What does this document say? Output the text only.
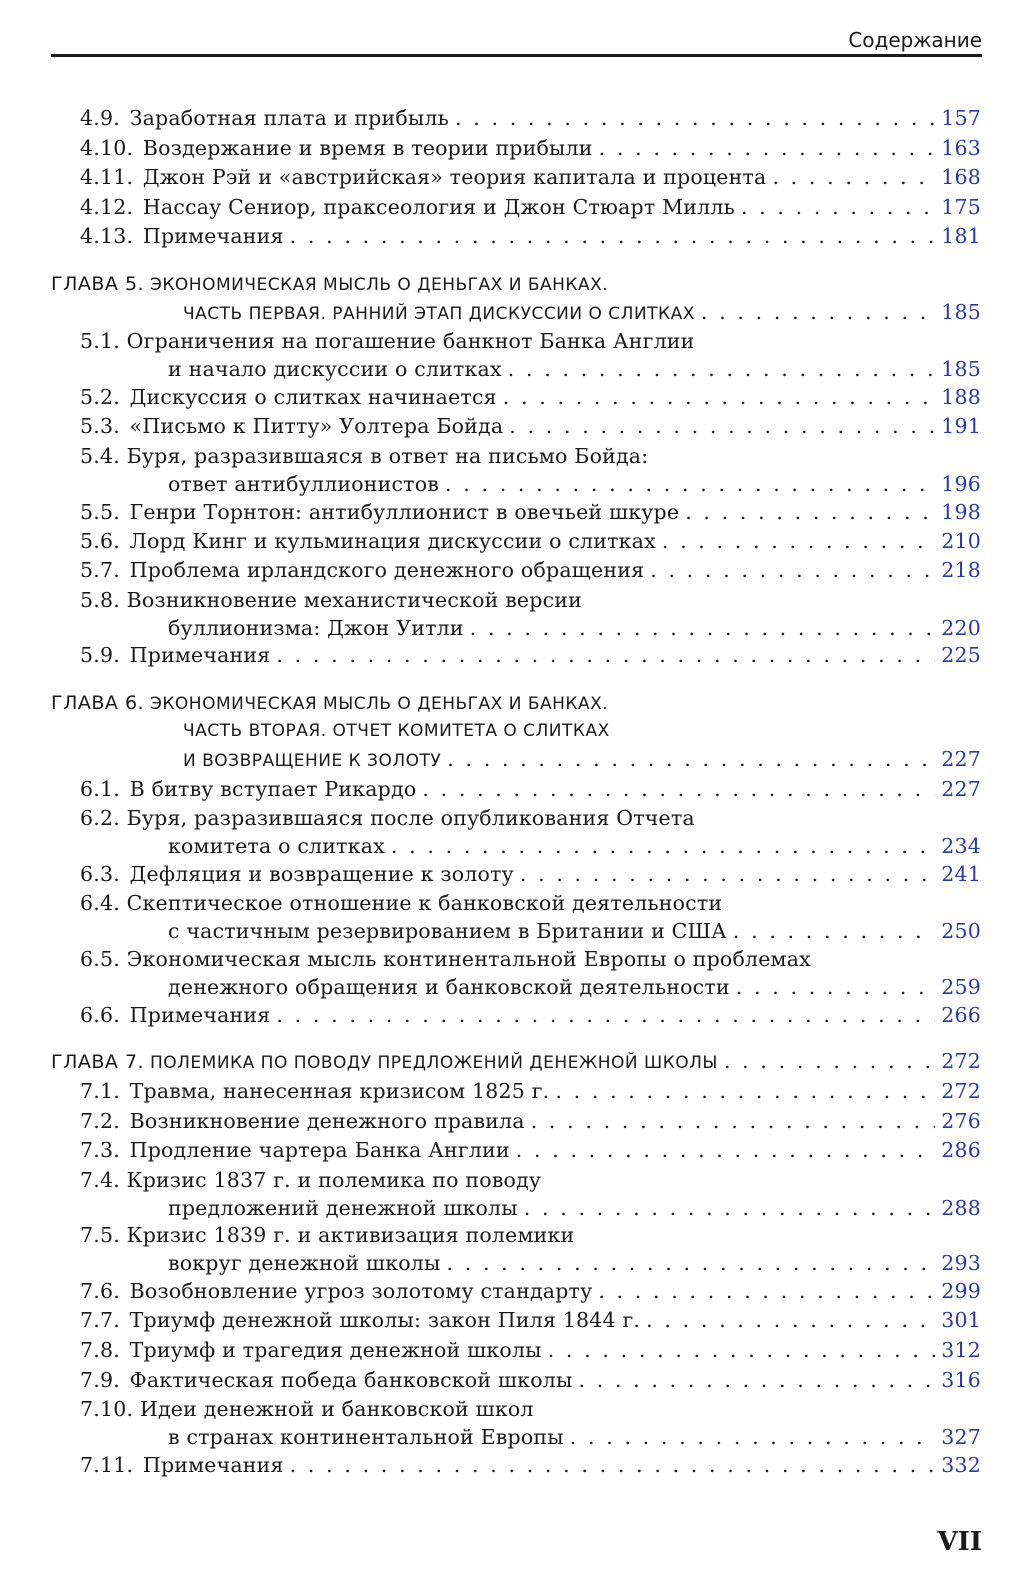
Содержание
4.9. Заработная плата и прибыль . . .	157
4.10. Воздержание и время в теории прибыли . . .	163
4.11. Джон Рэй и «австрийская» теория капитала и процента . . .	168
4.12. Нассау Сениор, праксеология и Джон Стюарт Милль . . .	175
4.13. Примечания . . .	181
ГЛАВА 5. ЭКОНОМИЧЕСКАЯ МЫСЛЬ О ДЕНЬГАХ И БАНКАХ.
ЧАСТЬ ПЕРВАЯ. РАННИЙ ЭТАП ДИСКУССИИ О СЛИТКАХ . . .	185
5.1. Ограничения на погашение банкнот Банка Англии
и начало дискуссии о слитках . . .	185
5.2. Дискуссия о слитках начинается . . .	188
5.3. «Письмо к Питту» Уолтера Бойда . . .	191
5.4. Буря, разразившаяся в ответ на письмо Бойда:
ответ антибуллионистов . . .	196
5.5. Генри Торнтон: антибуллионист в овечьей шкуре . . .	198
5.6. Лорд Кинг и кульминация дискуссии о слитках . . .	210
5.7. Проблема ирландского денежного обращения . . .	218
5.8. Возникновение механистической версии
буллионизма: Джон Уитли . . .	220
5.9. Примечания . . .	225
ГЛАВА 6. ЭКОНОМИЧЕСКАЯ МЫСЛЬ О ДЕНЬГАХ И БАНКАХ.
ЧАСТЬ ВТОРАЯ. ОТЧЕТ КОМИТЕТА О СЛИТКАХ
И ВОЗВРАЩЕНИЕ К ЗОЛОТУ . . .	227
6.1. В битву вступает Рикардо . . .	227
6.2. Буря, разразившаяся после опубликования Отчета
комитета о слитках . . .	234
6.3. Дефляция и возвращение к золоту . . .	241
6.4. Скептическое отношение к банковской деятельности
с частичным резервированием в Британии и США . . .	250
6.5. Экономическая мысль континентальной Европы о проблемах
денежного обращения и банковской деятельности . . .	259
6.6. Примечания . . .	266
ГЛАВА 7. ПОЛЕМИКА ПО ПОВОДУ ПРЕДЛОЖЕНИЙ ДЕНЕЖНОЙ ШКОЛЫ . . .	272
7.1. Травма, нанесенная кризисом 1825 г. . . .	272
7.2. Возникновение денежного правила . . .	276
7.3. Продление чартера Банка Англии . . .	286
7.4. Кризис 1837 г. и полемика по поводу
предложений денежной школы . . .	288
7.5. Кризис 1839 г. и активизация полемики
вокруг денежной школы . . .	293
7.6. Возобновление угроз золотому стандарту . . .	299
7.7. Триумф денежной школы: закон Пиля 1844 г. . . .	301
7.8. Триумф и трагедия денежной школы . . .	312
7.9. Фактическая победа банковской школы . . .	316
7.10. Идеи денежной и банковской школ
в странах континентальной Европы . . .	327
7.11. Примечания . . .	332
VII
